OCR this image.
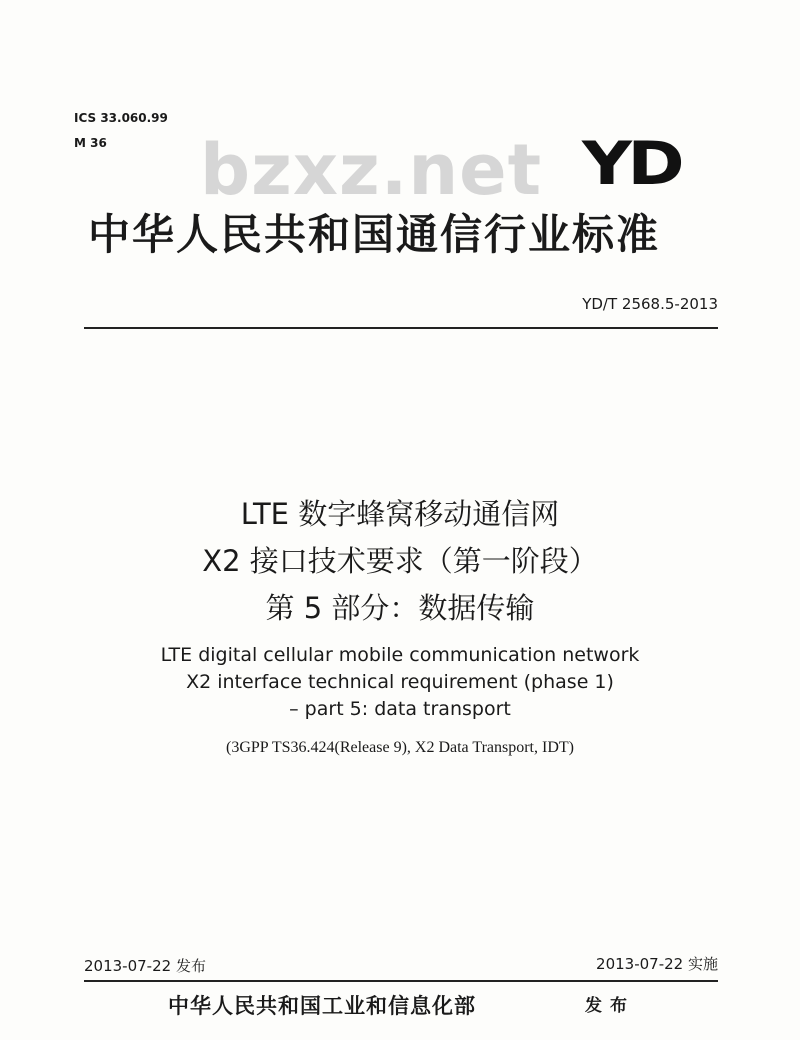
ICS 33.060.99
M 36 bzxz.net YD
中华人民共和国通信行业标准
YD/T 2568.5-2013
LTE 数字蜂窝移动通信网
X2 接口技术要求（第一阶段）
第 5 部分：数据传输
LTE digital cellular mobile communication network
X2 interface technical requirement (phase 1)
– part 5: data transport
(3GPP TS36.424(Release 9), X2 Data Transport, IDT)
2013-07-22 发布	2013-07-22 实施
中华人民共和国工业和信息化部	发布
